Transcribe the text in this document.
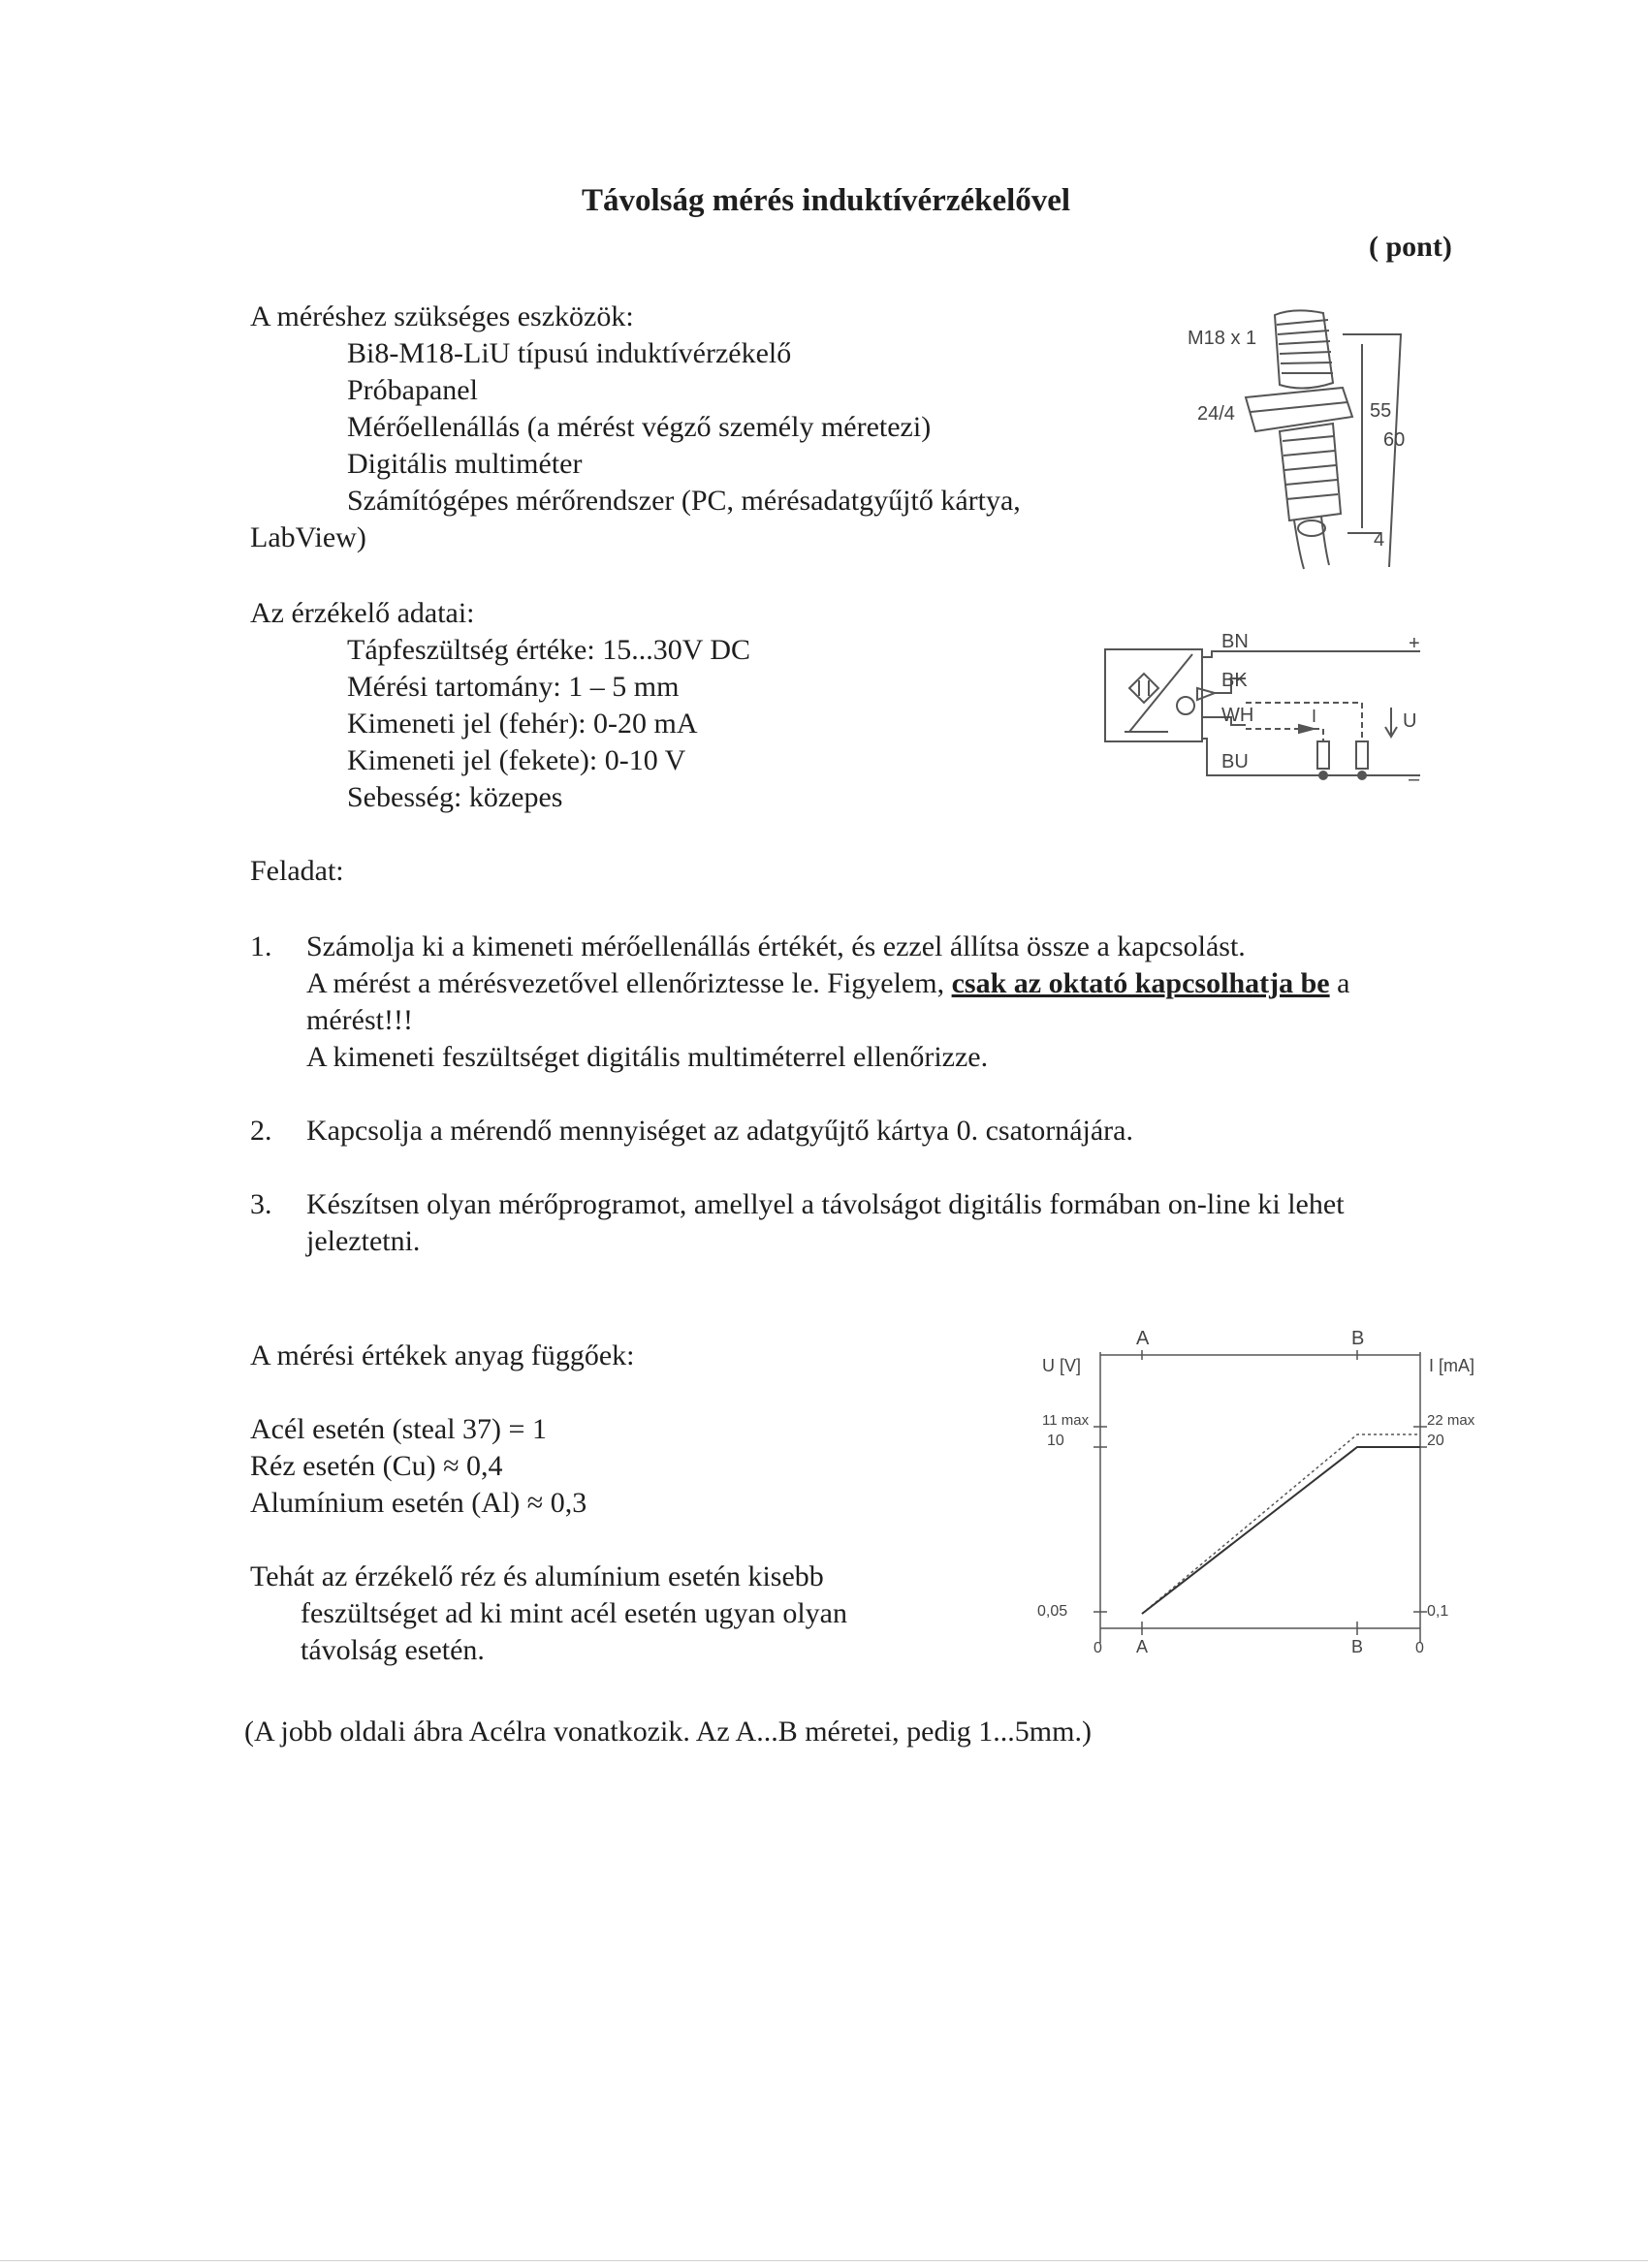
Távolság mérés induktívérzékelővel
( pont)
A méréshez szükséges eszközök:
Bi8-M18-LiU típusú induktívérzékelő
Próbapanel
Mérőellenállás (a mérést végző személy méretezi)
Digitális multiméter
Számítógépes mérőrendszer (PC, mérésadatgyűjtő kártya,
LabView)
M18 x 1
24/4	55
60
4
Az érzékelő adatai:
Tápfeszültség értéke: 15...30V DC
Mérési tartomány: 1 – 5 mm
Kimeneti jel (fehér): 0-20 mA
Kimeneti jel (fekete): 0-10 V
Sebesség: közepes
BN
BK
WH
BU
+
–
I	U
Feladat:
1. Számolja ki a kimeneti mérőellenállás értékét, és ezzel állítsa össze a kapcsolást.
A mérést a mérésvezetővel ellenőriztesse le. Figyelem, csak az oktató kapcsolhatja be a
mérést!!!
A kimeneti feszültséget digitális multiméterrel ellenőrizze.
2. Kapcsolja a mérendő mennyiséget az adatgyűjtő kártya 0. csatornájára.
3. Készítsen olyan mérőprogramot, amellyel a távolságot digitális formában on-line ki lehet
jeleztetni.
A mérési értékek anyag függőek:
Acél esetén (steal 37) = 1
Réz esetén (Cu) ≈ 0,4
Alumínium esetén (Al) ≈ 0,3
Tehát az érzékelő réz és alumínium esetén kisebb
feszültséget ad ki mint acél esetén ugyan olyan
távolság esetén.
A	B
U [V]	I [mA]
11 max
10
0,05
0
22 max
20
0,1
0
A	B
(A jobb oldali ábra Acélra vonatkozik. Az A...B méretei, pedig 1...5mm.)
